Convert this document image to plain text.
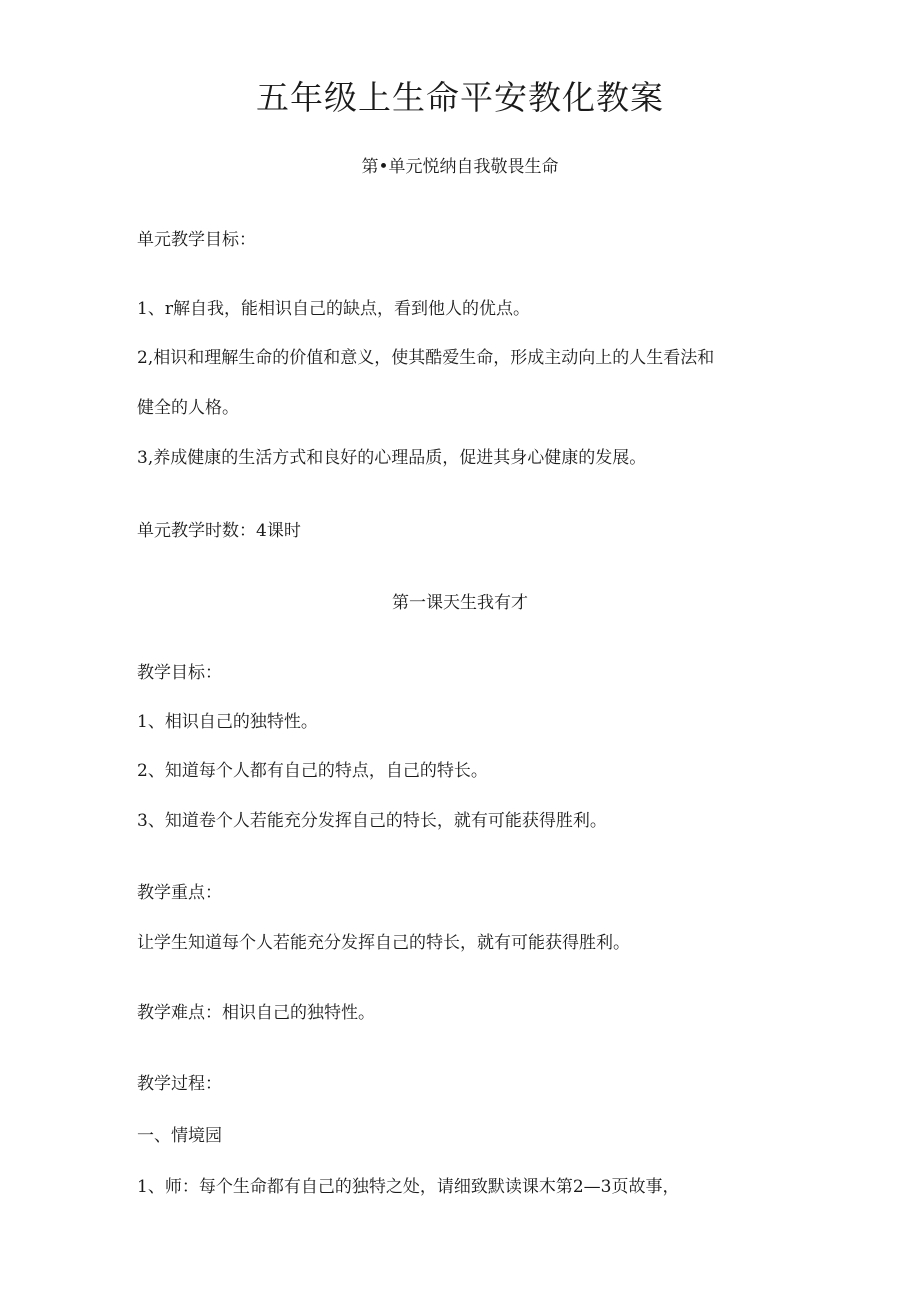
五年级上生命平安教化教案
第•单元悦纳自我敬畏生命
单元教学目标：
1、r解自我，能相识自己的缺点，看到他人的优点。
2,相识和理解生命的价值和意义，使其酷爱生命，形成主动向上的人生看法和
健全的人格。
3,养成健康的生活方式和良好的心理品质，促进其身心健康的发展。
单元教学时数：4课时
第一课天生我有才
教学目标：
1、相识自己的独特性。
2、知道每个人都有自己的特点，自己的特长。
3、知道卷个人若能充分发挥自己的特长，就有可能获得胜利。
教学重点：
让学生知道每个人若能充分发挥自己的特长，就有可能获得胜利。
教学难点：相识自己的独特性。
教学过程：
一、情境园
1、师：每个生命都有自己的独特之处，请细致默读课木第2—3页故事，
